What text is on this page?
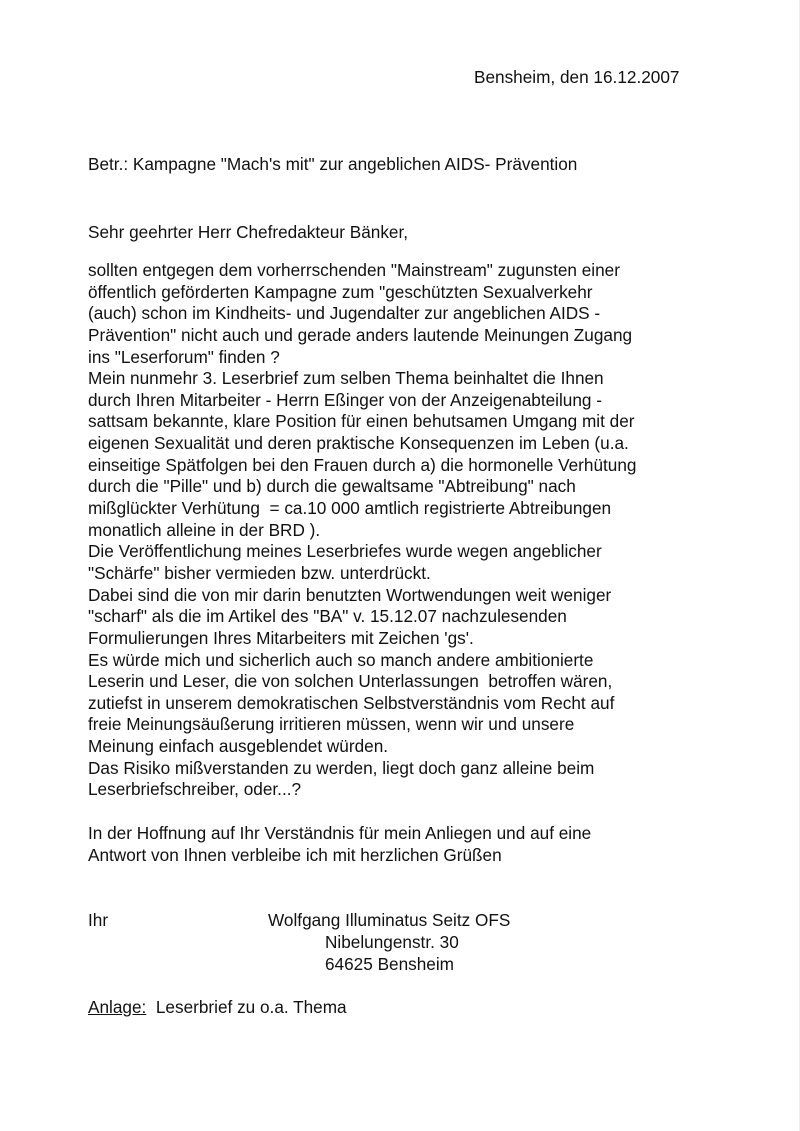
Bensheim, den 16.12.2007
Betr.: Kampagne "Mach's mit" zur angeblichen AIDS- Prävention
Sehr geehrter Herr Chefredakteur Bänker,
sollten entgegen dem vorherrschenden "Mainstream" zugunsten einer
öffentlich geförderten Kampagne zum "geschützten Sexualverkehr
(auch) schon im Kindheits- und Jugendalter zur angeblichen AIDS -
Prävention" nicht auch und gerade anders lautende Meinungen Zugang
ins "Leserforum" finden ?
Mein nunmehr 3. Leserbrief zum selben Thema beinhaltet die Ihnen
durch Ihren Mitarbeiter - Herrn Eßinger von der Anzeigenabteilung -
sattsam bekannte, klare Position für einen behutsamen Umgang mit der
eigenen Sexualität und deren praktische Konsequenzen im Leben (u.a.
einseitige Spätfolgen bei den Frauen durch a) die hormonelle Verhütung
durch die "Pille" und b) durch die gewaltsame "Abtreibung" nach
mißglückter Verhütung  = ca.10 000 amtlich registrierte Abtreibungen
monatlich alleine in der BRD ).
Die Veröffentlichung meines Leserbriefes wurde wegen angeblicher
"Schärfe" bisher vermieden bzw. unterdrückt.
Dabei sind die von mir darin benutzten Wortwendungen weit weniger
"scharf" als die im Artikel des "BA" v. 15.12.07 nachzulesenden
Formulierungen Ihres Mitarbeiters mit Zeichen 'gs'.
Es würde mich und sicherlich auch so manch andere ambitionierte
Leserin und Leser, die von solchen Unterlassungen  betroffen wären,
zutiefst in unserem demokratischen Selbstverständnis vom Recht auf
freie Meinungsäußerung irritieren müssen, wenn wir und unsere
Meinung einfach ausgeblendet würden.
Das Risiko mißverstanden zu werden, liegt doch ganz alleine beim
Leserbriefschreiber, oder...?
In der Hoffnung auf Ihr Verständnis für mein Anliegen und auf eine
Antwort von Ihnen verbleibe ich mit herzlichen Grüßen
Ihr	Wolfgang Illuminatus Seitz OFS
Nibelungenstr. 30
64625 Bensheim
Anlage: Leserbrief zu o.a. Thema
